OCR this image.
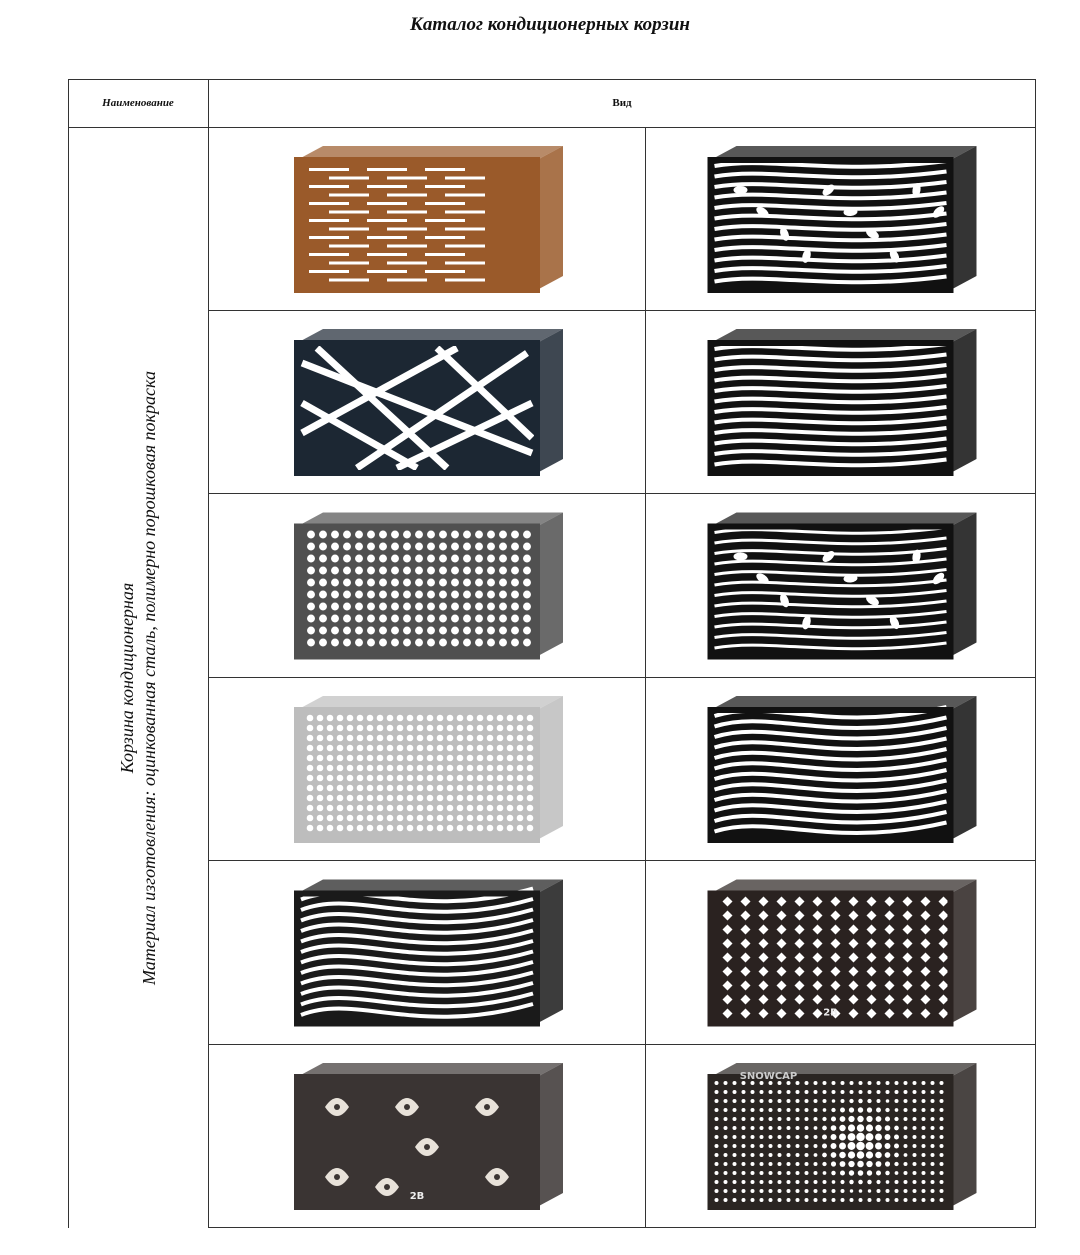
Каталог кондиционерных корзин
Наименование	Вид
Корзина кондиционерная Материал изготовления: оцинкованная сталь, полимерно порошковая покраска
2B
2B
SNOWCAP
